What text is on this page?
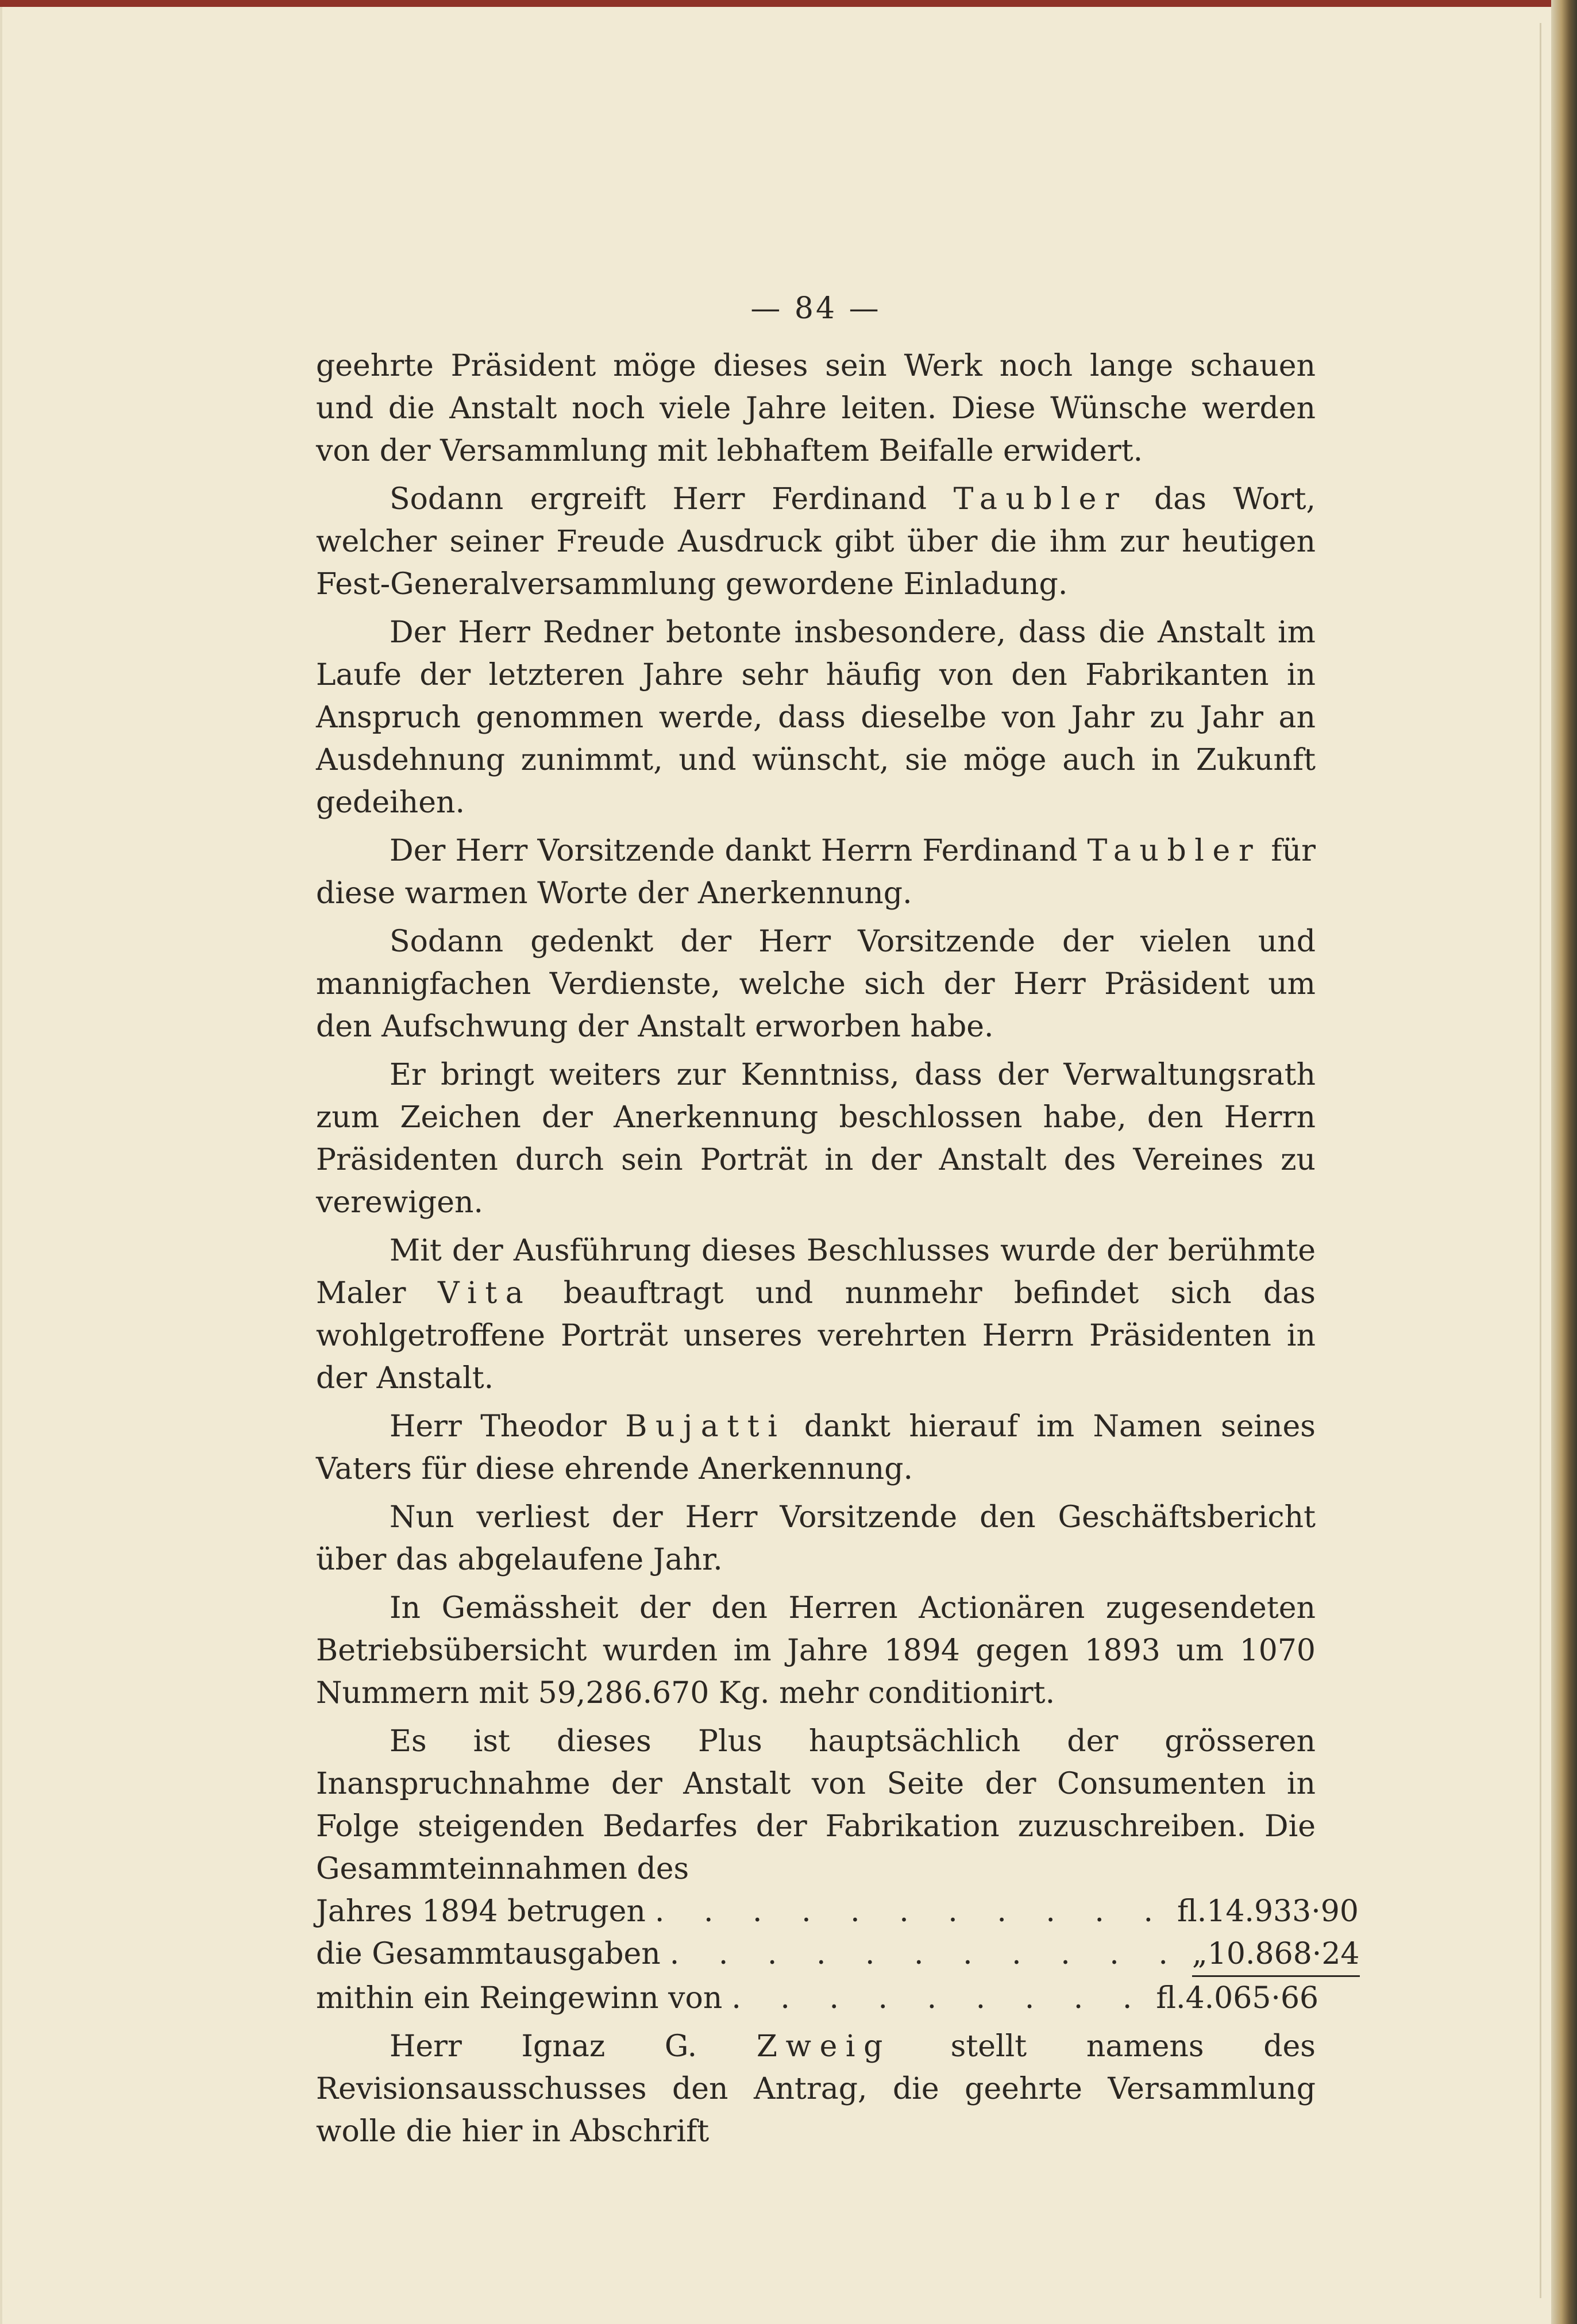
— 84 —

geehrte Präsident möge dieses sein Werk noch lange schauen und die Anstalt noch viele Jahre leiten. Diese Wünsche werden von der Versammlung mit lebhaftem Beifalle erwidert.

Sodann ergreift Herr Ferdinand Taubler das Wort, welcher seiner Freude Ausdruck gibt über die ihm zur heutigen Fest-Generalversammlung gewordene Einladung.

Der Herr Redner betonte insbesondere, dass die Anstalt im Laufe der letzteren Jahre sehr häufig von den Fabrikanten in Anspruch genommen werde, dass dieselbe von Jahr zu Jahr an Ausdehnung zunimmt, und wünscht, sie möge auch in Zukunft gedeihen.

Der Herr Vorsitzende dankt Herrn Ferdinand Taubler für diese warmen Worte der Anerkennung.

Sodann gedenkt der Herr Vorsitzende der vielen und mannigfachen Verdienste, welche sich der Herr Präsident um den Aufschwung der Anstalt erworben habe.

Er bringt weiters zur Kenntniss, dass der Verwaltungsrath zum Zeichen der Anerkennung beschlossen habe, den Herrn Präsidenten durch sein Porträt in der Anstalt des Vereines zu verewigen.

Mit der Ausführung dieses Beschlusses wurde der berühmte Maler Vita beauftragt und nunmehr befindet sich das wohlgetroffene Porträt unseres verehrten Herrn Präsidenten in der Anstalt.

Herr Theodor Bujatti dankt hierauf im Namen seines Vaters für diese ehrende Anerkennung.

Nun verliest der Herr Vorsitzende den Geschäftsbericht über das abgelaufene Jahr.

In Gemässheit der den Herren Actionären zugesendeten Betriebsübersicht wurden im Jahre 1894 gegen 1893 um 1070 Nummern mit 59,286.670 Kg. mehr conditionirt.

Es ist dieses Plus hauptsächlich der grösseren Inanspruchnahme der Anstalt von Seite der Consumenten in Folge steigenden Bedarfes der Fabrikation zuzuschreiben. Die Gesammteinnahmen des

Jahres 1894 betrugen . . . . . . . . . . . fl. 14.933·90
die Gesammtausgaben . . . . . . . . . . . „ 10.868·24
mithin ein Reingewinn von . . . . . . . . . fl. 4.065·66

Herr Ignaz G. Zweig stellt namens des Revisionsausschusses den Antrag, die geehrte Versammlung wolle die hier in Abschrift
